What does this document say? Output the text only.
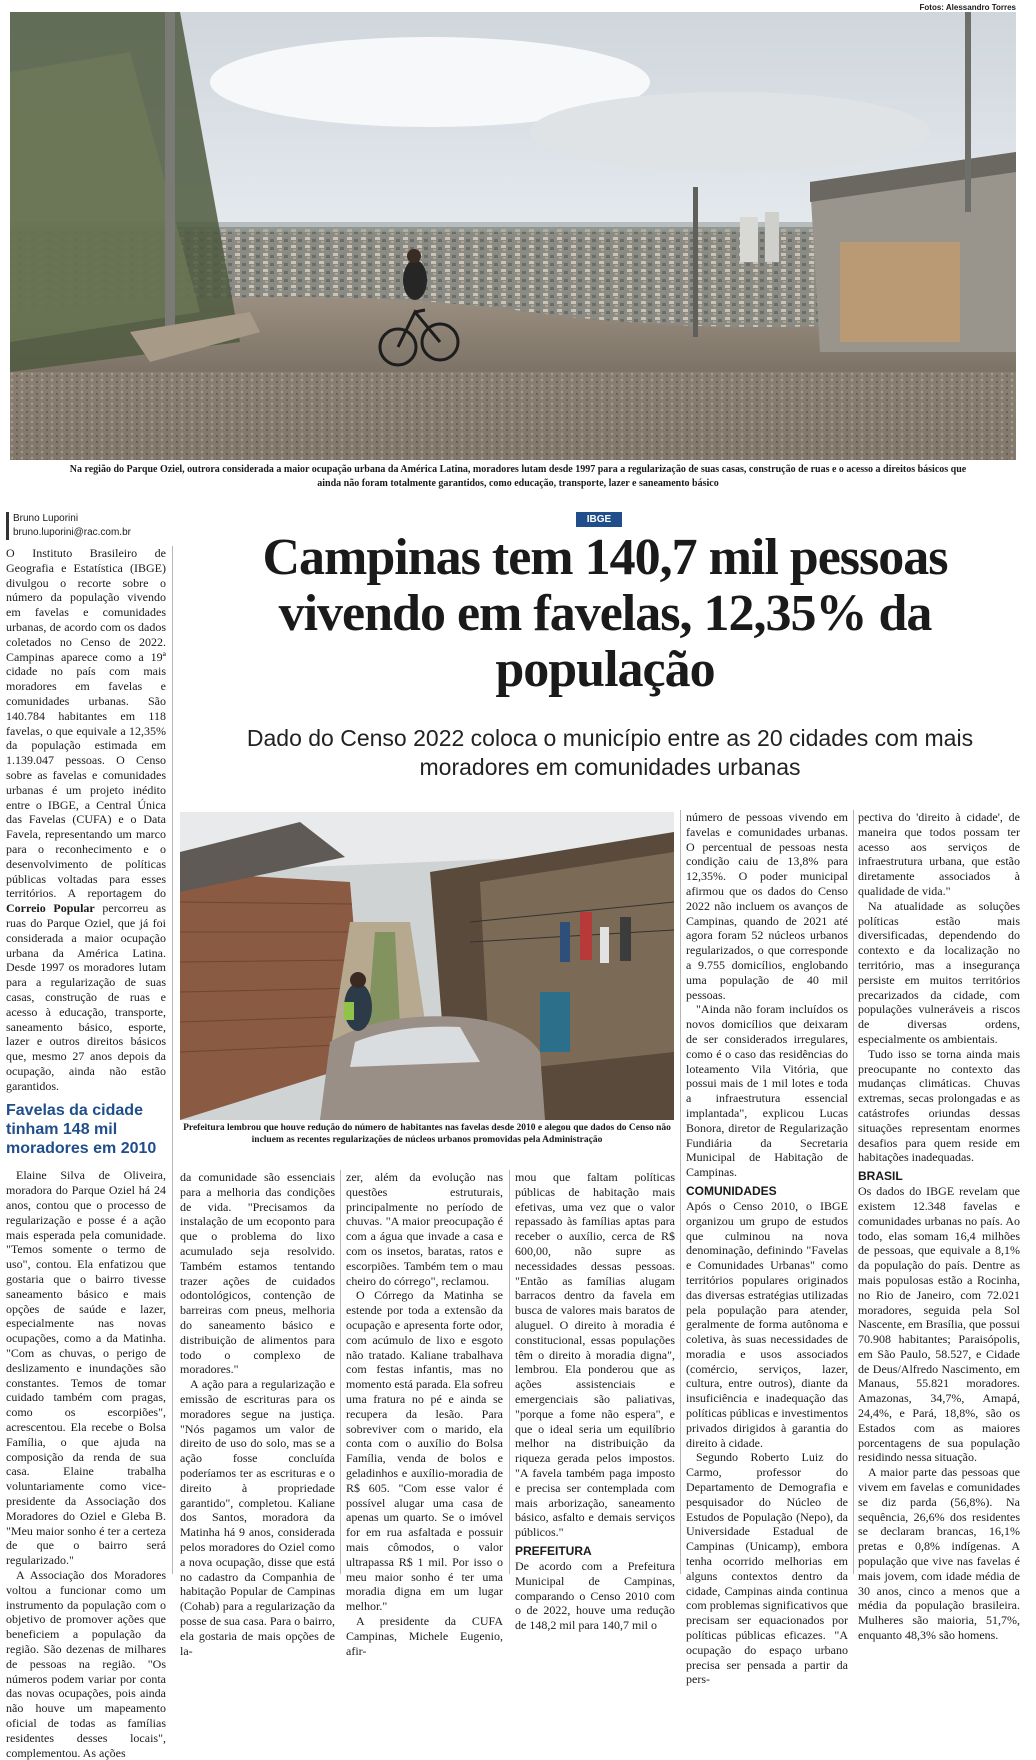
Fotos: Alessandro Torres
Na região do Parque Oziel, outrora considerada a maior ocupação urbana da América Latina, moradores lutam desde 1997 para a regularização de suas casas, construção de ruas e o acesso a direitos básicos que ainda não foram totalmente garantidos, como educação, transporte, lazer e saneamento básico
Bruno Luporini
bruno.luporini@rac.com.br
IBGE
Campinas tem 140,7 mil pessoas vivendo em favelas, 12,35% da população
Dado do Censo 2022 coloca o município entre as 20 cidades com mais moradores em comunidades urbanas

O Instituto Brasileiro de Geografia e Estatística (IBGE) divulgou o recorte sobre o número da população vivendo em favelas e comunidades urbanas, de acordo com os dados coletados no Censo de 2022. Campinas aparece como a 19ª cidade no país com mais moradores em favelas e comunidades urbanas. São 140.784 habitantes em 118 favelas, o que equivale a 12,35% da população estimada em 1.139.047 pessoas. O Censo sobre as favelas e comunidades urbanas é um projeto inédito entre o IBGE, a Central Única das Favelas (CUFA) e o Data Favela, representando um marco para o reconhecimento e o desenvolvimento de políticas públicas voltadas para esses territórios. A reportagem do Correio Popular percorreu as ruas do Parque Oziel, que já foi considerada a maior ocupação urbana da América Latina. Desde 1997 os moradores lutam para a regularização de suas casas, construção de ruas e acesso à educação, transporte, saneamento básico, esporte, lazer e outros direitos básicos que, mesmo 27 anos depois da ocupação, ainda não estão garantidos.

Favelas da cidade tinham 148 mil moradores em 2010

Elaine Silva de Oliveira, moradora do Parque Oziel há 24 anos, contou que o processo de regularização e posse é a ação mais esperada pela comunidade. "Temos somente o termo de uso", contou. Ela enfatizou que gostaria que o bairro tivesse saneamento básico e mais opções de saúde e lazer, especialmente nas novas ocupações, como a da Matinha. "Com as chuvas, o perigo de deslizamento e inundações são constantes. Temos de tomar cuidado também com pragas, como os escorpiões", acrescentou. Ela recebe o Bolsa Família, o que ajuda na composição da renda de sua casa. Elaine trabalha voluntariamente como vice-presidente da Associação dos Moradores do Oziel e Gleba B. "Meu maior sonho é ter a certeza de que o bairro será regularizado."

A Associação dos Moradores voltou a funcionar como um instrumento da população com o objetivo de promover ações que beneficiem a população da região. São dezenas de milhares de pessoas na região. "Os números podem variar por conta das novas ocupações, pois ainda não houve um mapeamento oficial de todas as famílias residentes desses locais", complementou. As ações

Prefeitura lembrou que houve redução do número de habitantes nas favelas desde 2010 e alegou que dados do Censo não incluem as recentes regularizações de núcleos urbanos promovidas pela Administração

número de pessoas vivendo em favelas e comunidades urbanas. O percentual de pessoas nesta condição caiu de 13,8% para 12,35%. O poder municipal afirmou que os dados do Censo 2022 não incluem os avanços de Campinas, quando de 2021 até agora foram 52 núcleos urbanos regularizados, o que corresponde a 9.755 domicílios, englobando uma população de 40 mil pessoas.

"Ainda não foram incluídos os novos domicílios que deixaram de ser considerados irregulares, como é o caso das residências do loteamento Vila Vitória, que possui mais de 1 mil lotes e toda a infraestrutura essencial implantada", explicou Lucas Bonora, diretor de Regularização Fundiária da Secretaria Municipal de Habitação de Campinas.

COMUNIDADES

Após o Censo 2010, o IBGE organizou um grupo de estudos que culminou na nova denominação, definindo "Favelas e Comunidades Urbanas" como territórios populares originados das diversas estratégias utilizadas pela população para atender, geralmente de forma autônoma e coletiva, às suas necessidades de moradia e usos associados (comércio, serviços, lazer, cultura, entre outros), diante da insuficiência e inadequação das políticas públicas e investimentos privados dirigidos à garantia do direito à cidade.

Segundo Roberto Luiz do Carmo, professor do Departamento de Demografia e pesquisador do Núcleo de Estudos de População (Nepo), da Universidade Estadual de Campinas (Unicamp), embora tenha ocorrido melhorias em alguns contextos dentro da cidade, Campinas ainda continua com problemas significativos que precisam ser equacionados por políticas públicas eficazes. "A ocupação do espaço urbano precisa ser pensada a partir da pers-

pectiva do 'direito à cidade', de maneira que todos possam ter acesso aos serviços de infraestrutura urbana, que estão diretamente associados à qualidade de vida."

Na atualidade as soluções políticas estão mais diversificadas, dependendo do contexto e da localização no território, mas a insegurança persiste em muitos territórios precarizados da cidade, com populações vulneráveis a riscos de diversas ordens, especialmente os ambientais.

Tudo isso se torna ainda mais preocupante no contexto das mudanças climáticas. Chuvas extremas, secas prolongadas e as catástrofes oriundas dessas situações representam enormes desafios para quem reside em habitações inadequadas.

BRASIL

Os dados do IBGE revelam que existem 12.348 favelas e comunidades urbanas no país. Ao todo, elas somam 16,4 milhões de pessoas, que equivale a 8,1% da população do país. Dentre as mais populosas estão a Rocinha, no Rio de Janeiro, com 72.021 moradores, seguida pela Sol Nascente, em Brasília, que possui 70.908 habitantes; Paraisópolis, em São Paulo, 58.527, e Cidade de Deus/Alfredo Nascimento, em Manaus, 55.821 moradores. Amazonas, 34,7%, Amapá, 24,4%, e Pará, 18,8%, são os Estados com as maiores porcentagens de sua população residindo nessa situação.

A maior parte das pessoas que vivem em favelas e comunidades se diz parda (56,8%). Na sequência, 26,6% dos residentes se declaram brancas, 16,1% pretas e 0,8% indígenas. A população que vive nas favelas é mais jovem, com idade média de 30 anos, cinco a menos que a média da população brasileira. Mulheres são maioria, 51,7%, enquanto 48,3% são homens.

da comunidade são essenciais para a melhoria das condições de vida. "Precisamos da instalação de um ecoponto para que o problema do lixo acumulado seja resolvido. Também estamos tentando trazer ações de cuidados odontológicos, contenção de barreiras com pneus, melhoria do saneamento básico e distribuição de alimentos para todo o complexo de moradores."

A ação para a regularização e emissão de escrituras para os moradores segue na justiça. "Nós pagamos um valor de direito de uso do solo, mas se a ação fosse concluída poderíamos ter as escrituras e o direito à propriedade garantido", completou. Kaliane dos Santos, moradora da Matinha há 9 anos, considerada pelos moradores do Oziel como a nova ocupação, disse que está no cadastro da Companhia de habitação Popular de Campinas (Cohab) para a regularização da posse de sua casa. Para o bairro, ela gostaria de mais opções de la-

zer, além da evolução nas questões estruturais, principalmente no período de chuvas. "A maior preocupação é com a água que invade a casa e com os insetos, baratas, ratos e escorpiões. Também tem o mau cheiro do córrego", reclamou.

O Córrego da Matinha se estende por toda a extensão da ocupação e apresenta forte odor, com acúmulo de lixo e esgoto não tratado. Kaliane trabalhava com festas infantis, mas no momento está parada. Ela sofreu uma fratura no pé e ainda se recupera da lesão. Para sobreviver com o marido, ela conta com o auxílio do Bolsa Família, venda de bolos e geladinhos e auxílio-moradia de R$ 605. "Com esse valor é possível alugar uma casa de apenas um quarto. Se o imóvel for em rua asfaltada e possuir mais cômodos, o valor ultrapassa R$ 1 mil. Por isso o meu maior sonho é ter uma moradia digna em um lugar melhor."

A presidente da CUFA Campinas, Michele Eugenio, afir-

mou que faltam políticas públicas de habitação mais efetivas, uma vez que o valor repassado às famílias aptas para receber o auxílio, cerca de R$ 600,00, não supre as necessidades dessas pessoas. "Então as famílias alugam barracos dentro da favela em busca de valores mais baratos de aluguel. O direito à moradia é constitucional, essas populações têm o direito à moradia digna", lembrou. Ela ponderou que as ações assistenciais e emergenciais são paliativas, "porque a fome não espera", e que o ideal seria um equilíbrio melhor na distribuição da riqueza gerada pelos impostos. "A favela também paga imposto e precisa ser contemplada com mais arborização, saneamento básico, asfalto e demais serviços públicos."

PREFEITURA

De acordo com a Prefeitura Municipal de Campinas, comparando o Censo 2010 com o de 2022, houve uma redução de 148,2 mil para 140,7 mil o
